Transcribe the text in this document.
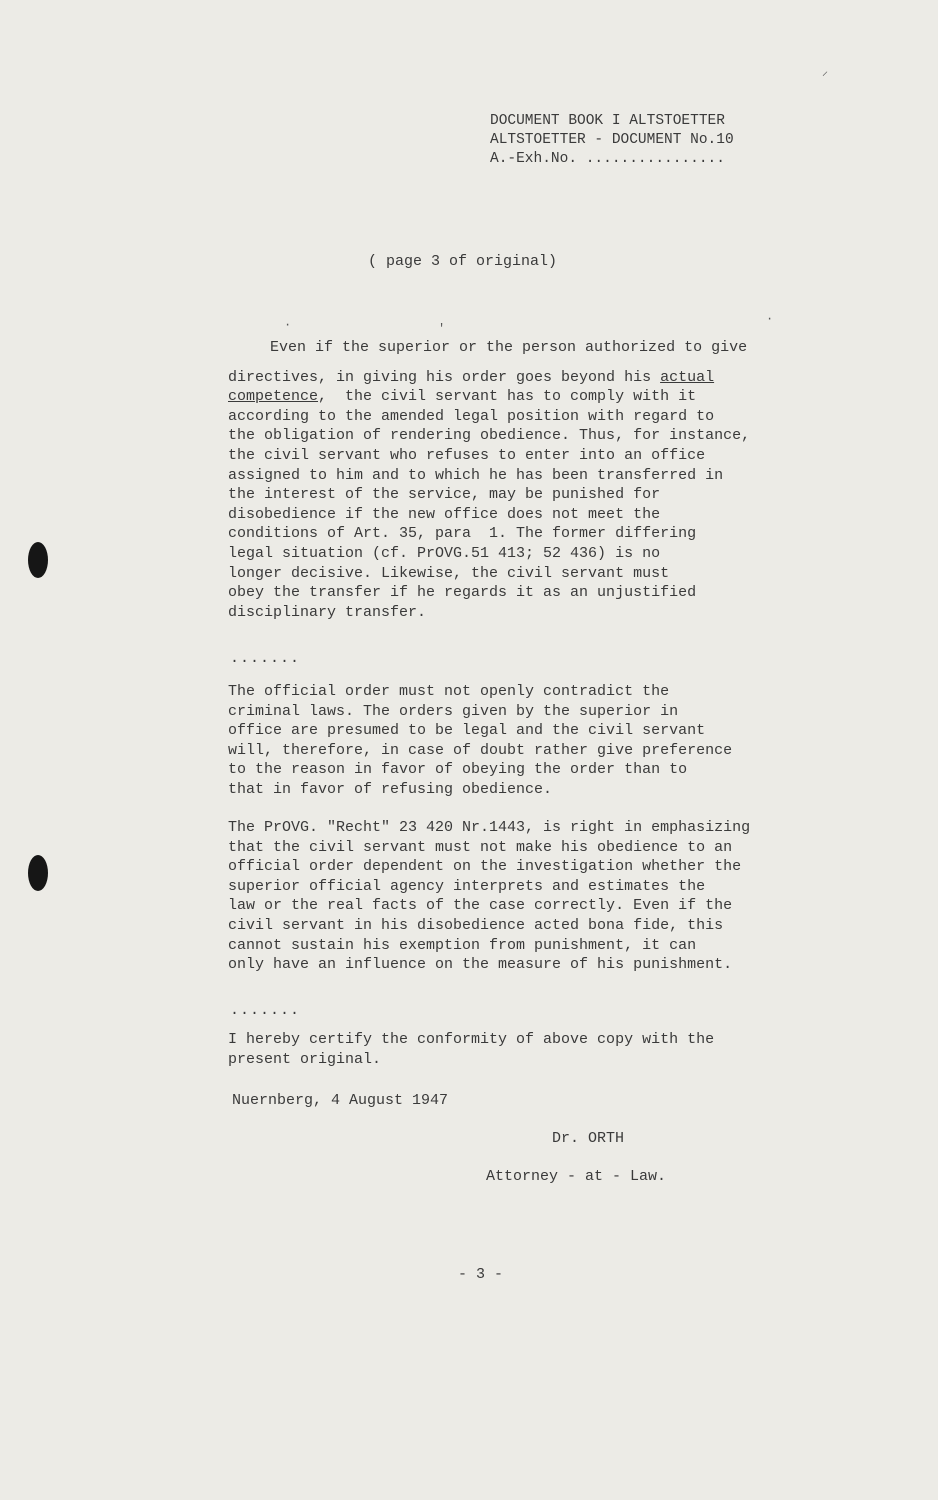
⸝
·	'
·
DOCUMENT BOOK I ALTSTOETTER
ALTSTOETTER - DOCUMENT No.10
A.-Exh.No. ................
( page 3 of original)
Even if the superior or the person authorized to give
directives, in giving his order goes beyond his actual
competence,  the civil servant has to comply with it
according to the amended legal position with regard to
the obligation of rendering obedience. Thus, for instance,
the civil servant who refuses to enter into an office
assigned to him and to which he has been transferred in
the interest of the service, may be punished for
disobedience if the new office does not meet the
conditions of Art. 35, para  1. The former differing
legal situation (cf. PrOVG.51 413; 52 436) is no
longer decisive. Likewise, the civil servant must
obey the transfer if he regards it as an unjustified
disciplinary transfer.
.......
The official order must not openly contradict the
criminal laws. The orders given by the superior in
office are presumed to be legal and the civil servant
will, therefore, in case of doubt rather give preference
to the reason in favor of obeying the order than to
that in favor of refusing obedience.
The PrOVG. "Recht" 23 420 Nr.1443, is right in emphasizing
that the civil servant must not make his obedience to an
official order dependent on the investigation whether the
superior official agency interprets and estimates the
law or the real facts of the case correctly. Even if the
civil servant in his disobedience acted bona fide, this
cannot sustain his exemption from punishment, it can
only have an influence on the measure of his punishment.
.......
I hereby certify the conformity of above copy with the
present original.
Nuernberg, 4 August 1947
Dr. ORTH
Attorney - at - Law.
- 3 -
